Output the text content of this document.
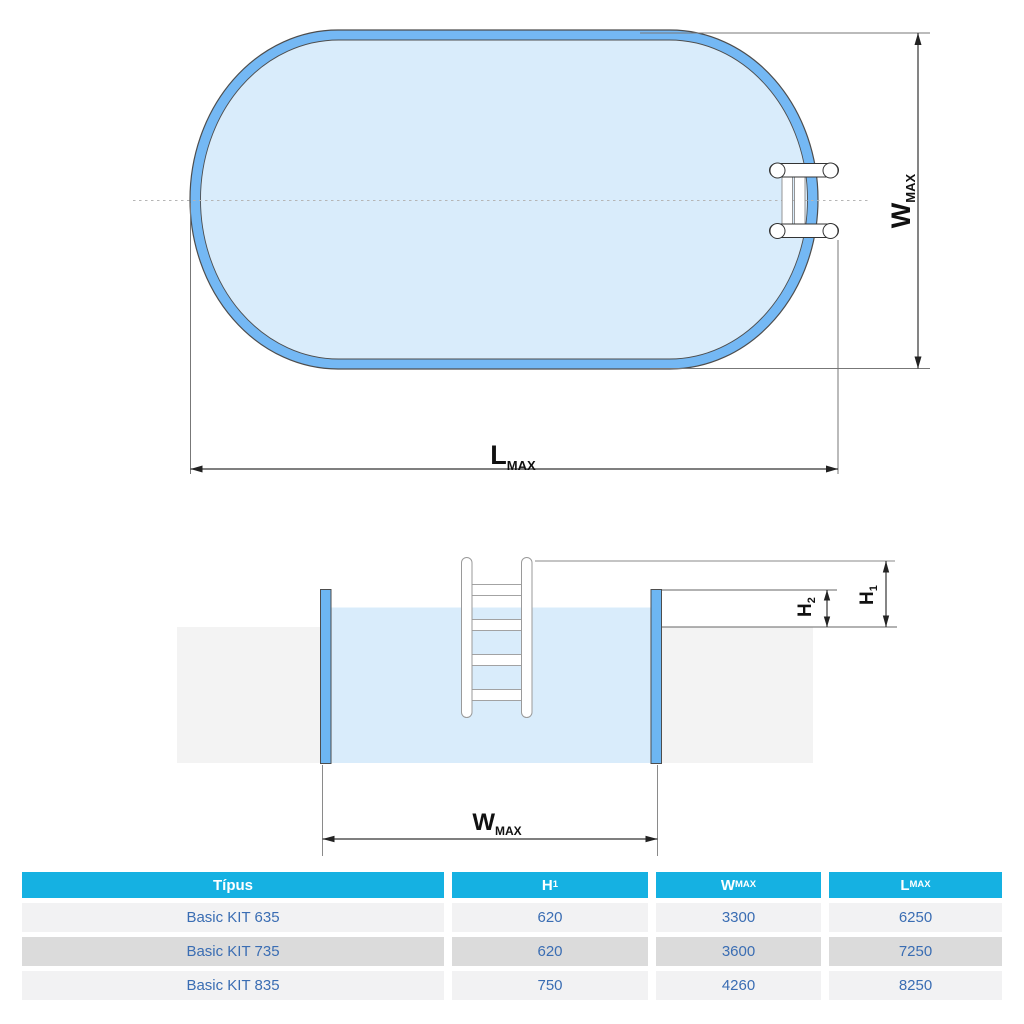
$W_{MAX}$
$L_{MAX}$
$H_1$
$H_2$
$W_{MAX}$
Típus	H 1	W MAX	L MAX
Basic KIT 635	620	3300	6250
Basic KIT 735	620	3600	7250
Basic KIT 835	750	4260	8250
